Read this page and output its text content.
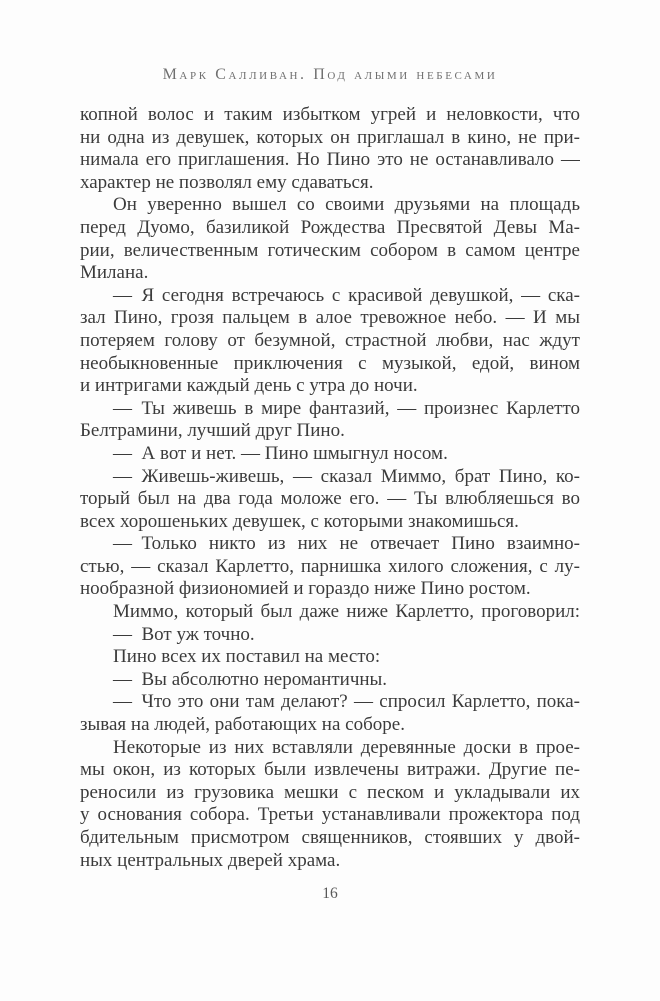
Марк Салливан. Под алыми небесами
копной волос и таким избытком угрей и неловкости, что
ни одна из девушек, которых он приглашал в кино, не при-
нимала его приглашения. Но Пино это не останавливало —
характер не позволял ему сдаваться.
Он уверенно вышел со своими друзьями на площадь
перед Дуомо, базиликой Рождества Пресвятой Девы Ма-
рии, величественным готическим собором в самом центре
Милана.
— Я сегодня встречаюсь с красивой девушкой, — ска-
зал Пино, грозя пальцем в алое тревожное небо. — И мы
потеряем голову от безумной, страстной любви, нас ждут
необыкновенные приключения с музыкой, едой, вином
и интригами каждый день с утра до ночи.
— Ты живешь в мире фантазий, — произнес Карлетто
Белтрамини, лучший друг Пино.
— А вот и нет. — Пино шмыгнул носом.
— Живешь-живешь, — сказал Миммо, брат Пино, ко-
торый был на два года моложе его. — Ты влюбляешься во
всех хорошеньких девушек, с которыми знакомишься.
— Только никто из них не отвечает Пино взаимно-
стью, — сказал Карлетто, парнишка хилого сложения, с лу-
нообразной физиономией и гораздо ниже Пино ростом.
Миммо, который был даже ниже Карлетто, проговорил:
— Вот уж точно.
Пино всех их поставил на место:
— Вы абсолютно неромантичны.
— Что это они там делают? — спросил Карлетто, пока-
зывая на людей, работающих на соборе.
Некоторые из них вставляли деревянные доски в прое-
мы окон, из которых были извлечены витражи. Другие пе-
реносили из грузовика мешки с песком и укладывали их
у основания собора. Третьи устанавливали прожектора под
бдительным присмотром священников, стоявших у двой-
ных центральных дверей храма.
16
